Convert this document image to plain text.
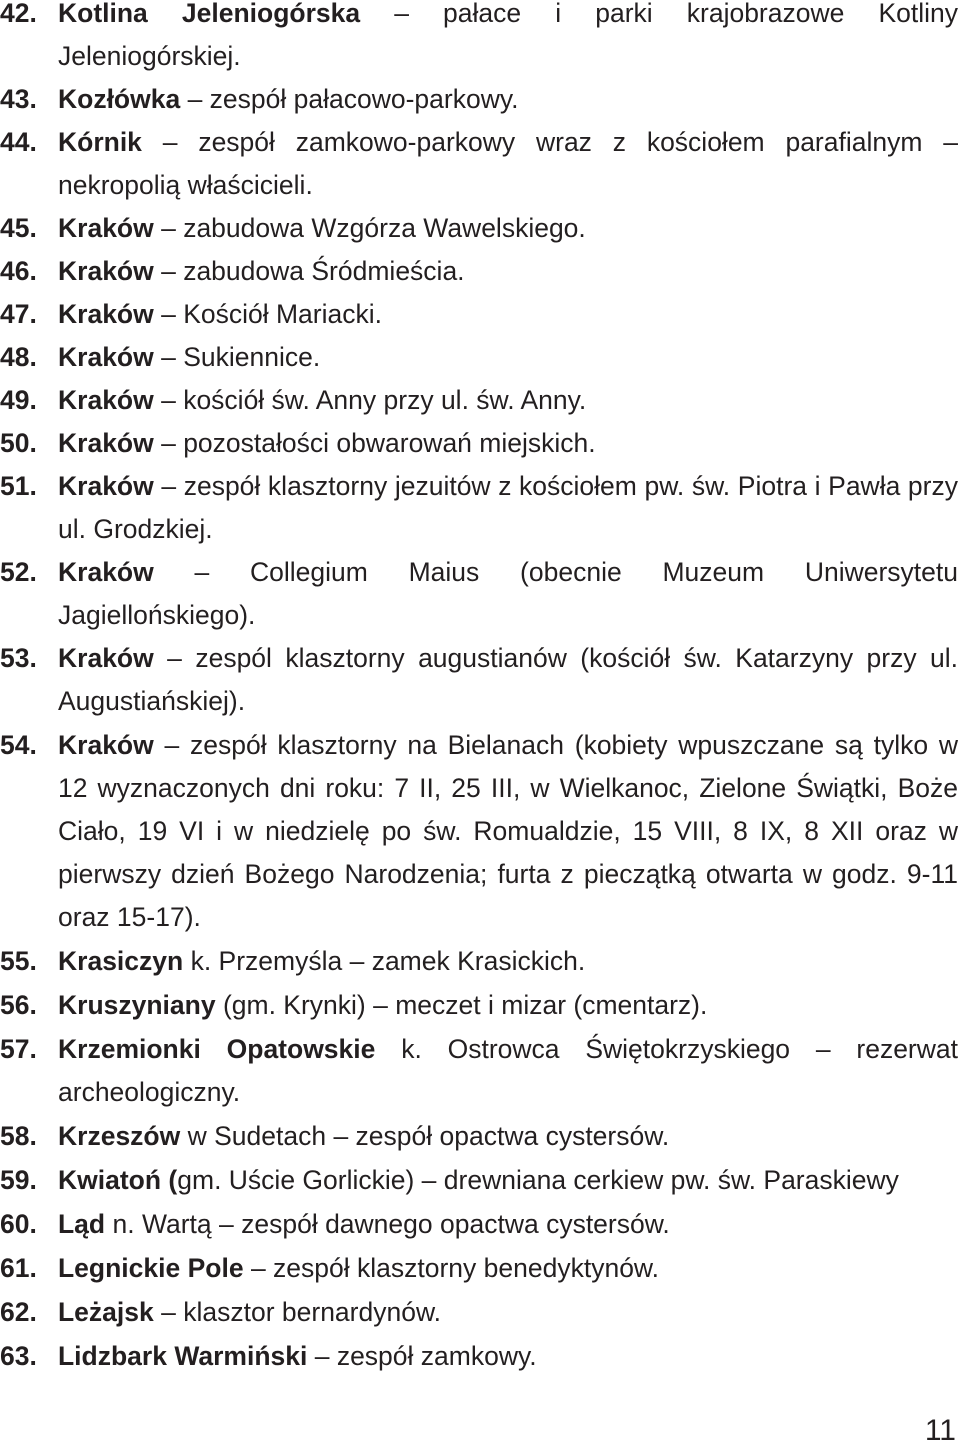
42. Kotlina Jeleniogórska – pałace i parki krajobrazowe Kotliny Jeleniogórskiej.
43. Kozłówka – zespół pałacowo-parkowy.
44. Kórnik – zespół zamkowo-parkowy wraz z kościołem parafialnym – nekropolią właścicieli.
45. Kraków – zabudowa Wzgórza Wawelskiego.
46. Kraków – zabudowa Śródmieścia.
47. Kraków – Kościół Mariacki.
48. Kraków – Sukiennice.
49. Kraków – kościół św. Anny przy ul. św. Anny.
50. Kraków – pozostałości obwarowań miejskich.
51. Kraków – zespół klasztorny jezuitów z kościołem pw. św. Piotra i Pawła przy ul. Grodzkiej.
52. Kraków – Collegium Maius (obecnie Muzeum Uniwersytetu Jagiellońskiego).
53. Kraków – zespól klasztorny augustianów (kościół św. Katarzyny przy ul. Augustiańskiej).
54. Kraków – zespół klasztorny na Bielanach (kobiety wpuszczane są tylko w 12 wyznaczonych dni roku: 7 II, 25 III, w Wielkanoc, Zielone Świątki, Boże Ciało, 19 VI i w niedzielę po św. Romualdzie, 15 VIII, 8 IX, 8 XII oraz w pierwszy dzień Bożego Narodzenia; furta z pieczątką otwarta w godz. 9-11 oraz 15-17).
55. Krasiczyn k. Przemyśla – zamek Krasickich.
56. Kruszyniany (gm. Krynki) – meczet i mizar (cmentarz).
57. Krzemionki Opatowskie k. Ostrowca Świętokrzyskiego – rezerwat archeologiczny.
58. Krzeszów w Sudetach – zespół opactwa cystersów.
59. Kwiatoń (gm. Uście Gorlickie) – drewniana cerkiew pw. św. Paraskiewy
60. Ląd n. Wartą – zespół dawnego opactwa cystersów.
61. Legnickie Pole – zespół klasztorny benedyktynów.
62. Leżajsk – klasztor bernardynów.
63. Lidzbark Warmiński – zespół zamkowy.
11
